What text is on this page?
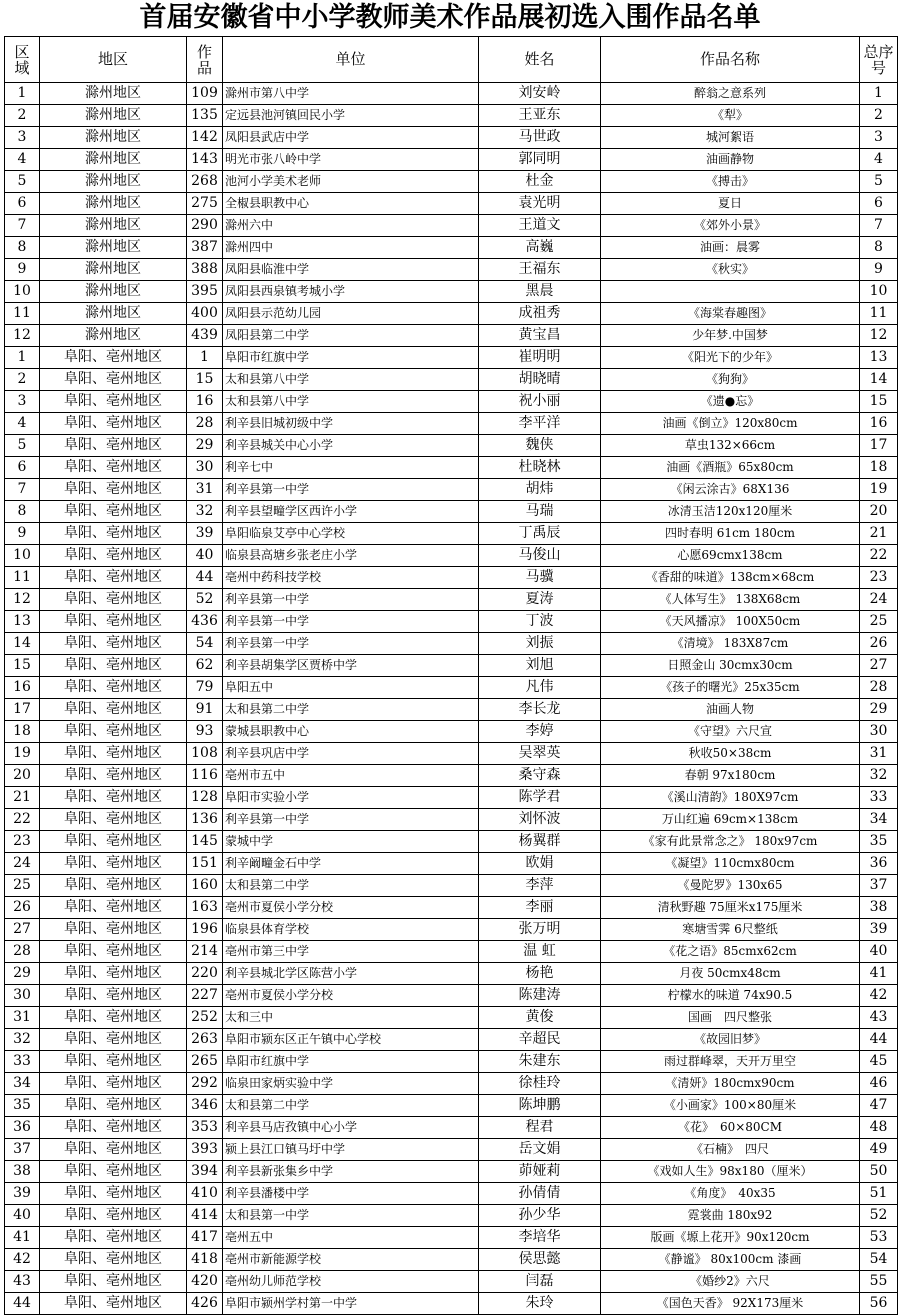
首届安徽省中小学教师美术作品展初选入围作品名单
区域	地区	作品	单位	姓名	作品名称	总序号
1	滁州地区	109	滁州市第八中学	刘安岭	醉翁之意系列	1
2	滁州地区	135	定远县池河镇回民小学	王亚东	《犁》	2
3	滁州地区	142	凤阳县武店中学	马世政	城河絮语	3
4	滁州地区	143	明光市张八岭中学	郭同明	油画静物	4
5	滁州地区	268	池河小学美术老师	杜金	《搏击》	5
6	滁州地区	275	全椒县职教中心	袁光明	夏日	6
7	滁州地区	290	滁州六中	王道文	《郊外小景》	7
8	滁州地区	387	滁州四中	高巍	油画：晨雾	8
9	滁州地区	388	凤阳县临淮中学	王福东	《秋实》	9
10	滁州地区	395	凤阳县西泉镇考城小学	黑晨		10
11	滁州地区	400	凤阳县示范幼儿园	成祖秀	《海棠春趣图》	11
12	滁州地区	439	凤阳县第二中学	黄宝昌	少年梦.中国梦	12
1	阜阳、亳州地区	1	阜阳市红旗中学	崔明明	《阳光下的少年》	13
2	阜阳、亳州地区	15	太和县第八中学	胡晓晴	《狗狗》	14
3	阜阳、亳州地区	16	太和县第八中学	祝小丽	《遗●忘》	15
4	阜阳、亳州地区	28	利辛县旧城初级中学	李平洋	油画《倒立》120x80cm	16
5	阜阳、亳州地区	29	利辛县城关中心小学	魏侠	草虫132×66cm	17
6	阜阳、亳州地区	30	利辛七中	杜晓林	油画《酒瓶》65x80cm	18
7	阜阳、亳州地区	31	利辛县第一中学	胡炜	《闲云涂古》68X136	19
8	阜阳、亳州地区	32	利辛县望疃学区西许小学	马瑞	冰清玉洁120x120厘米	20
9	阜阳、亳州地区	39	阜阳临泉艾亭中心学校	丁禹辰	四时春明 61cm 180cm	21
10	阜阳、亳州地区	40	临泉县高塘乡张老庄小学	马俊山	心愿69cmx138cm	22
11	阜阳、亳州地区	44	亳州中药科技学校	马骥	《香甜的味道》138cm×68cm	23
12	阜阳、亳州地区	52	利辛县第一中学	夏涛	《人体写生》 138X68cm	24
13	阜阳、亳州地区	436	利辛县第一中学	丁波	《天风播凉》 100X50cm	25
14	阜阳、亳州地区	54	利辛县第一中学	刘振	《清境》 183X87cm	26
15	阜阳、亳州地区	62	利辛县胡集学区贾桥中学	刘旭	日照金山 30cmx30cm	27
16	阜阳、亳州地区	79	阜阳五中	凡伟	《孩子的曙光》25x35cm	28
17	阜阳、亳州地区	91	太和县第二中学	李长龙	油画人物	29
18	阜阳、亳州地区	93	蒙城县职教中心	李婷	《守望》六尺宣	30
19	阜阳、亳州地区	108	利辛县巩店中学	吴翠英	秋收50×38cm	31
20	阜阳、亳州地区	116	亳州市五中	桑守森	春朝 97x180cm	32
21	阜阳、亳州地区	128	阜阳市实验小学	陈学君	《溪山清韵》180X97cm	33
22	阜阳、亳州地区	136	利辛县第一中学	刘怀波	万山红遍 69cm×138cm	34
23	阜阳、亳州地区	145	蒙城中学	杨翼群	《家有此景常念之》 180x97cm	35
24	阜阳、亳州地区	151	利辛阚疃金石中学	欧娟	《凝望》110cmx80cm	36
25	阜阳、亳州地区	160	太和县第二中学	李萍	《曼陀罗》130x65	37
26	阜阳、亳州地区	163	亳州市夏侯小学分校	李丽	清秋野趣 75厘米x175厘米	38
27	阜阳、亳州地区	196	临泉县体育学校	张万明	寒塘雪霁 6尺整纸	39
28	阜阳、亳州地区	214	亳州市第三中学	温 虹	《花之语》85cmx62cm	40
29	阜阳、亳州地区	220	利辛县城北学区陈营小学	杨艳	月夜 50cmx48cm	41
30	阜阳、亳州地区	227	亳州市夏侯小学分校	陈建涛	柠檬水的味道 74x90.5	42
31	阜阳、亳州地区	252	太和三中	黄俊	国画　四尺整张	43
32	阜阳、亳州地区	263	阜阳市颍东区正午镇中心学校	辛超民	《故园旧梦》	44
33	阜阳、亳州地区	265	阜阳市红旗中学	朱建东	雨过群峰翠，天开万里空	45
34	阜阳、亳州地区	292	临泉田家炳实验中学	徐桂玲	《清妍》180cmx90cm	46
35	阜阳、亳州地区	346	太和县第二中学	陈坤鹏	《小画家》100×80厘米	47
36	阜阳、亳州地区	353	利辛县马店孜镇中心小学	程君	《花》　60×80CM	48
37	阜阳、亳州地区	393	颍上县江口镇马圩中学	岳文娟	《石楠》　四尺	49
38	阜阳、亳州地区	394	利辛县新张集乡中学	茆娅莉	《戏如人生》98x180（厘米）	50
39	阜阳、亳州地区	410	利辛县潘楼中学	孙倩倩	《角度》　40x35	51
40	阜阳、亳州地区	414	太和县第一中学	孙少华	霓裳曲 180x92	52
41	阜阳、亳州地区	417	亳州五中	李培华	版画《塬上花开》90x120cm	53
42	阜阳、亳州地区	418	亳州市新能源学校	侯思懿	《静谧》 80x100cm 漆画	54
43	阜阳、亳州地区	420	亳州幼儿师范学校	闫磊	《婚纱2》六尺	55
44	阜阳、亳州地区	426	阜阳市颍州学村第一中学	朱玲	《国色天香》 92X173厘米	56
